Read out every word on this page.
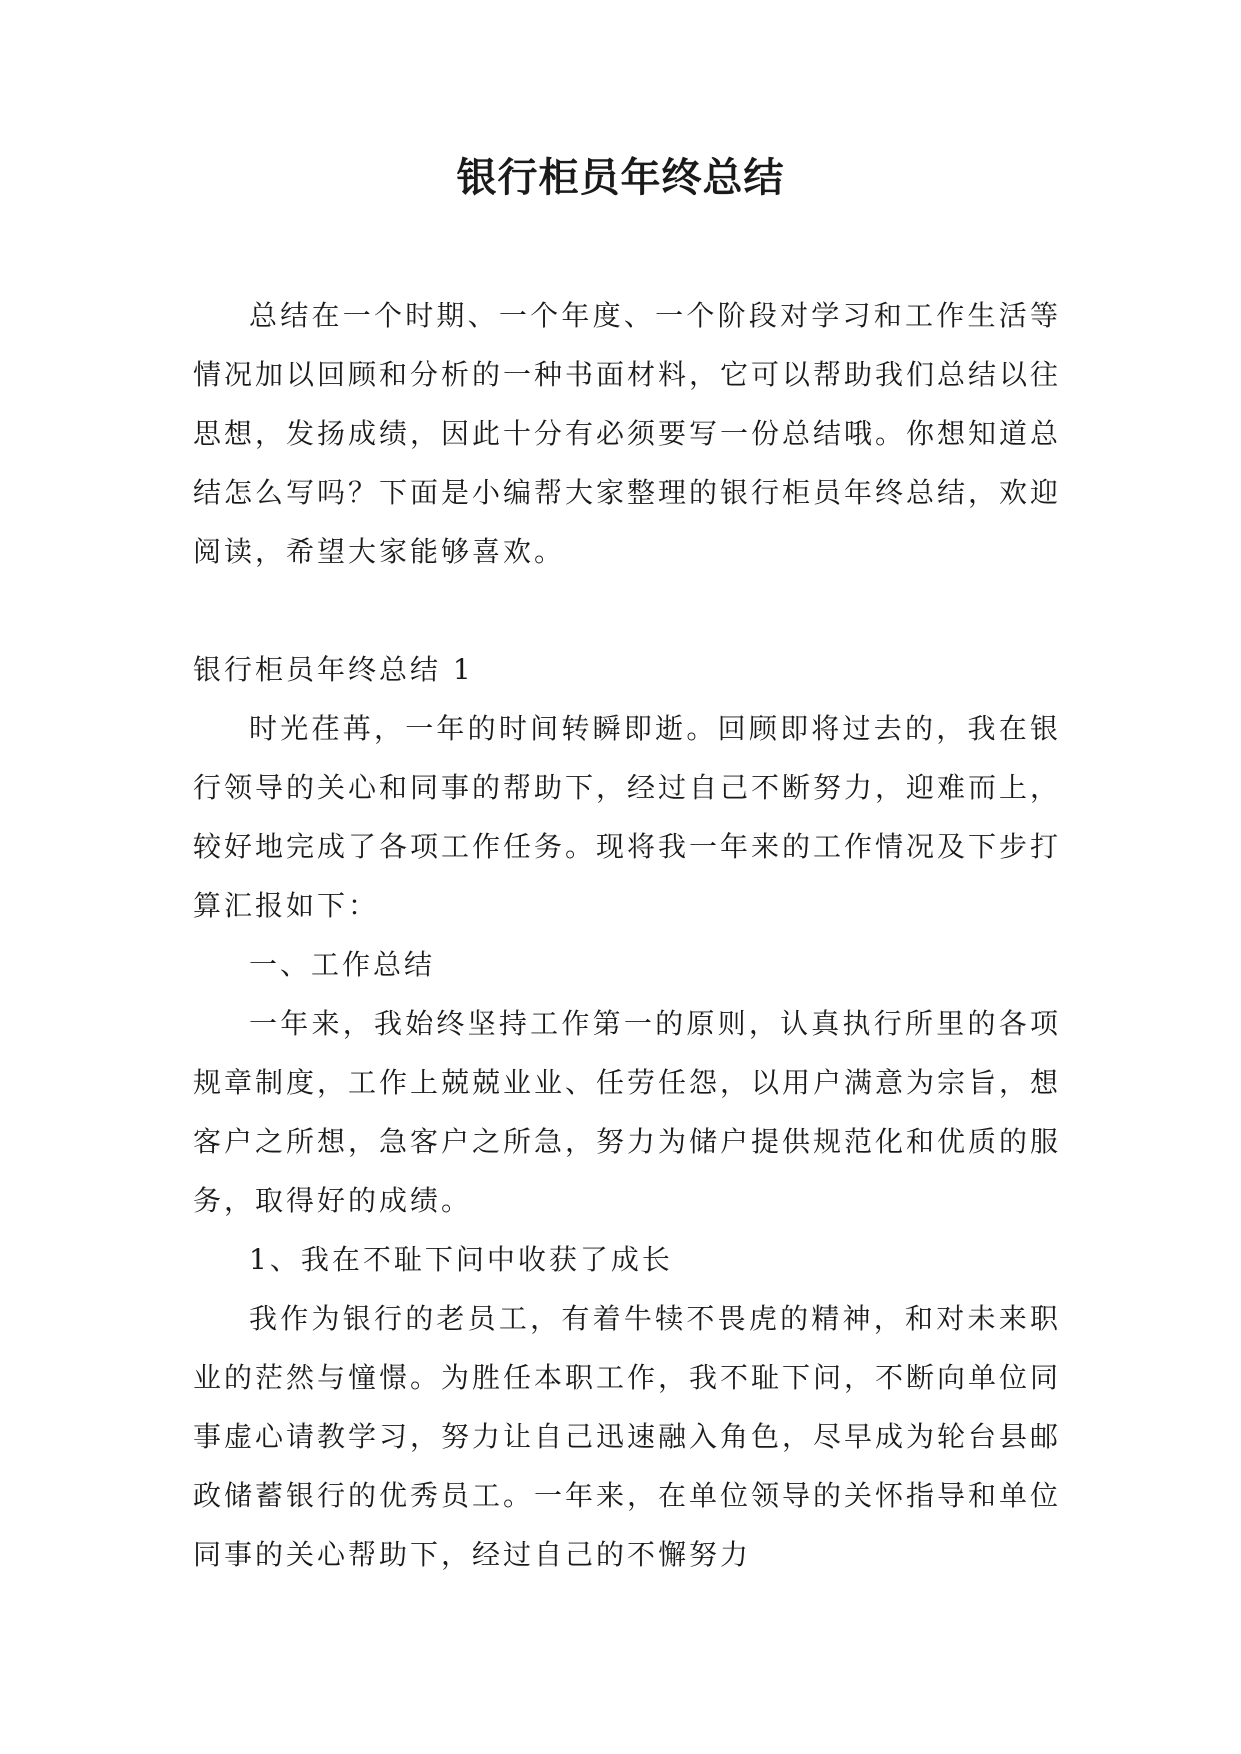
银行柜员年终总结

总结在一个时期、一个年度、一个阶段对学习和工作生活等情况加以回顾和分析的一种书面材料，它可以帮助我们总结以往思想，发扬成绩，因此十分有必须要写一份总结哦。你想知道总结怎么写吗？下面是小编帮大家整理的银行柜员年终总结，欢迎阅读，希望大家能够喜欢。

银行柜员年终总结 1

时光荏苒，一年的时间转瞬即逝。回顾即将过去的，我在银行领导的关心和同事的帮助下，经过自己不断努力，迎难而上，较好地完成了各项工作任务。现将我一年来的工作情况及下步打算汇报如下：

一、工作总结

一年来，我始终坚持工作第一的原则，认真执行所里的各项规章制度，工作上兢兢业业、任劳任怨，以用户满意为宗旨，想客户之所想，急客户之所急，努力为储户提供规范化和优质的服务，取得好的成绩。

1、我在不耻下问中收获了成长

我作为银行的老员工，有着牛犊不畏虎的精神，和对未来职业的茫然与憧憬。为胜任本职工作，我不耻下问，不断向单位同事虚心请教学习，努力让自己迅速融入角色，尽早成为轮台县邮政储蓄银行的优秀员工。一年来，在单位领导的关怀指导和单位同事的关心帮助下，经过自己的不懈努力
